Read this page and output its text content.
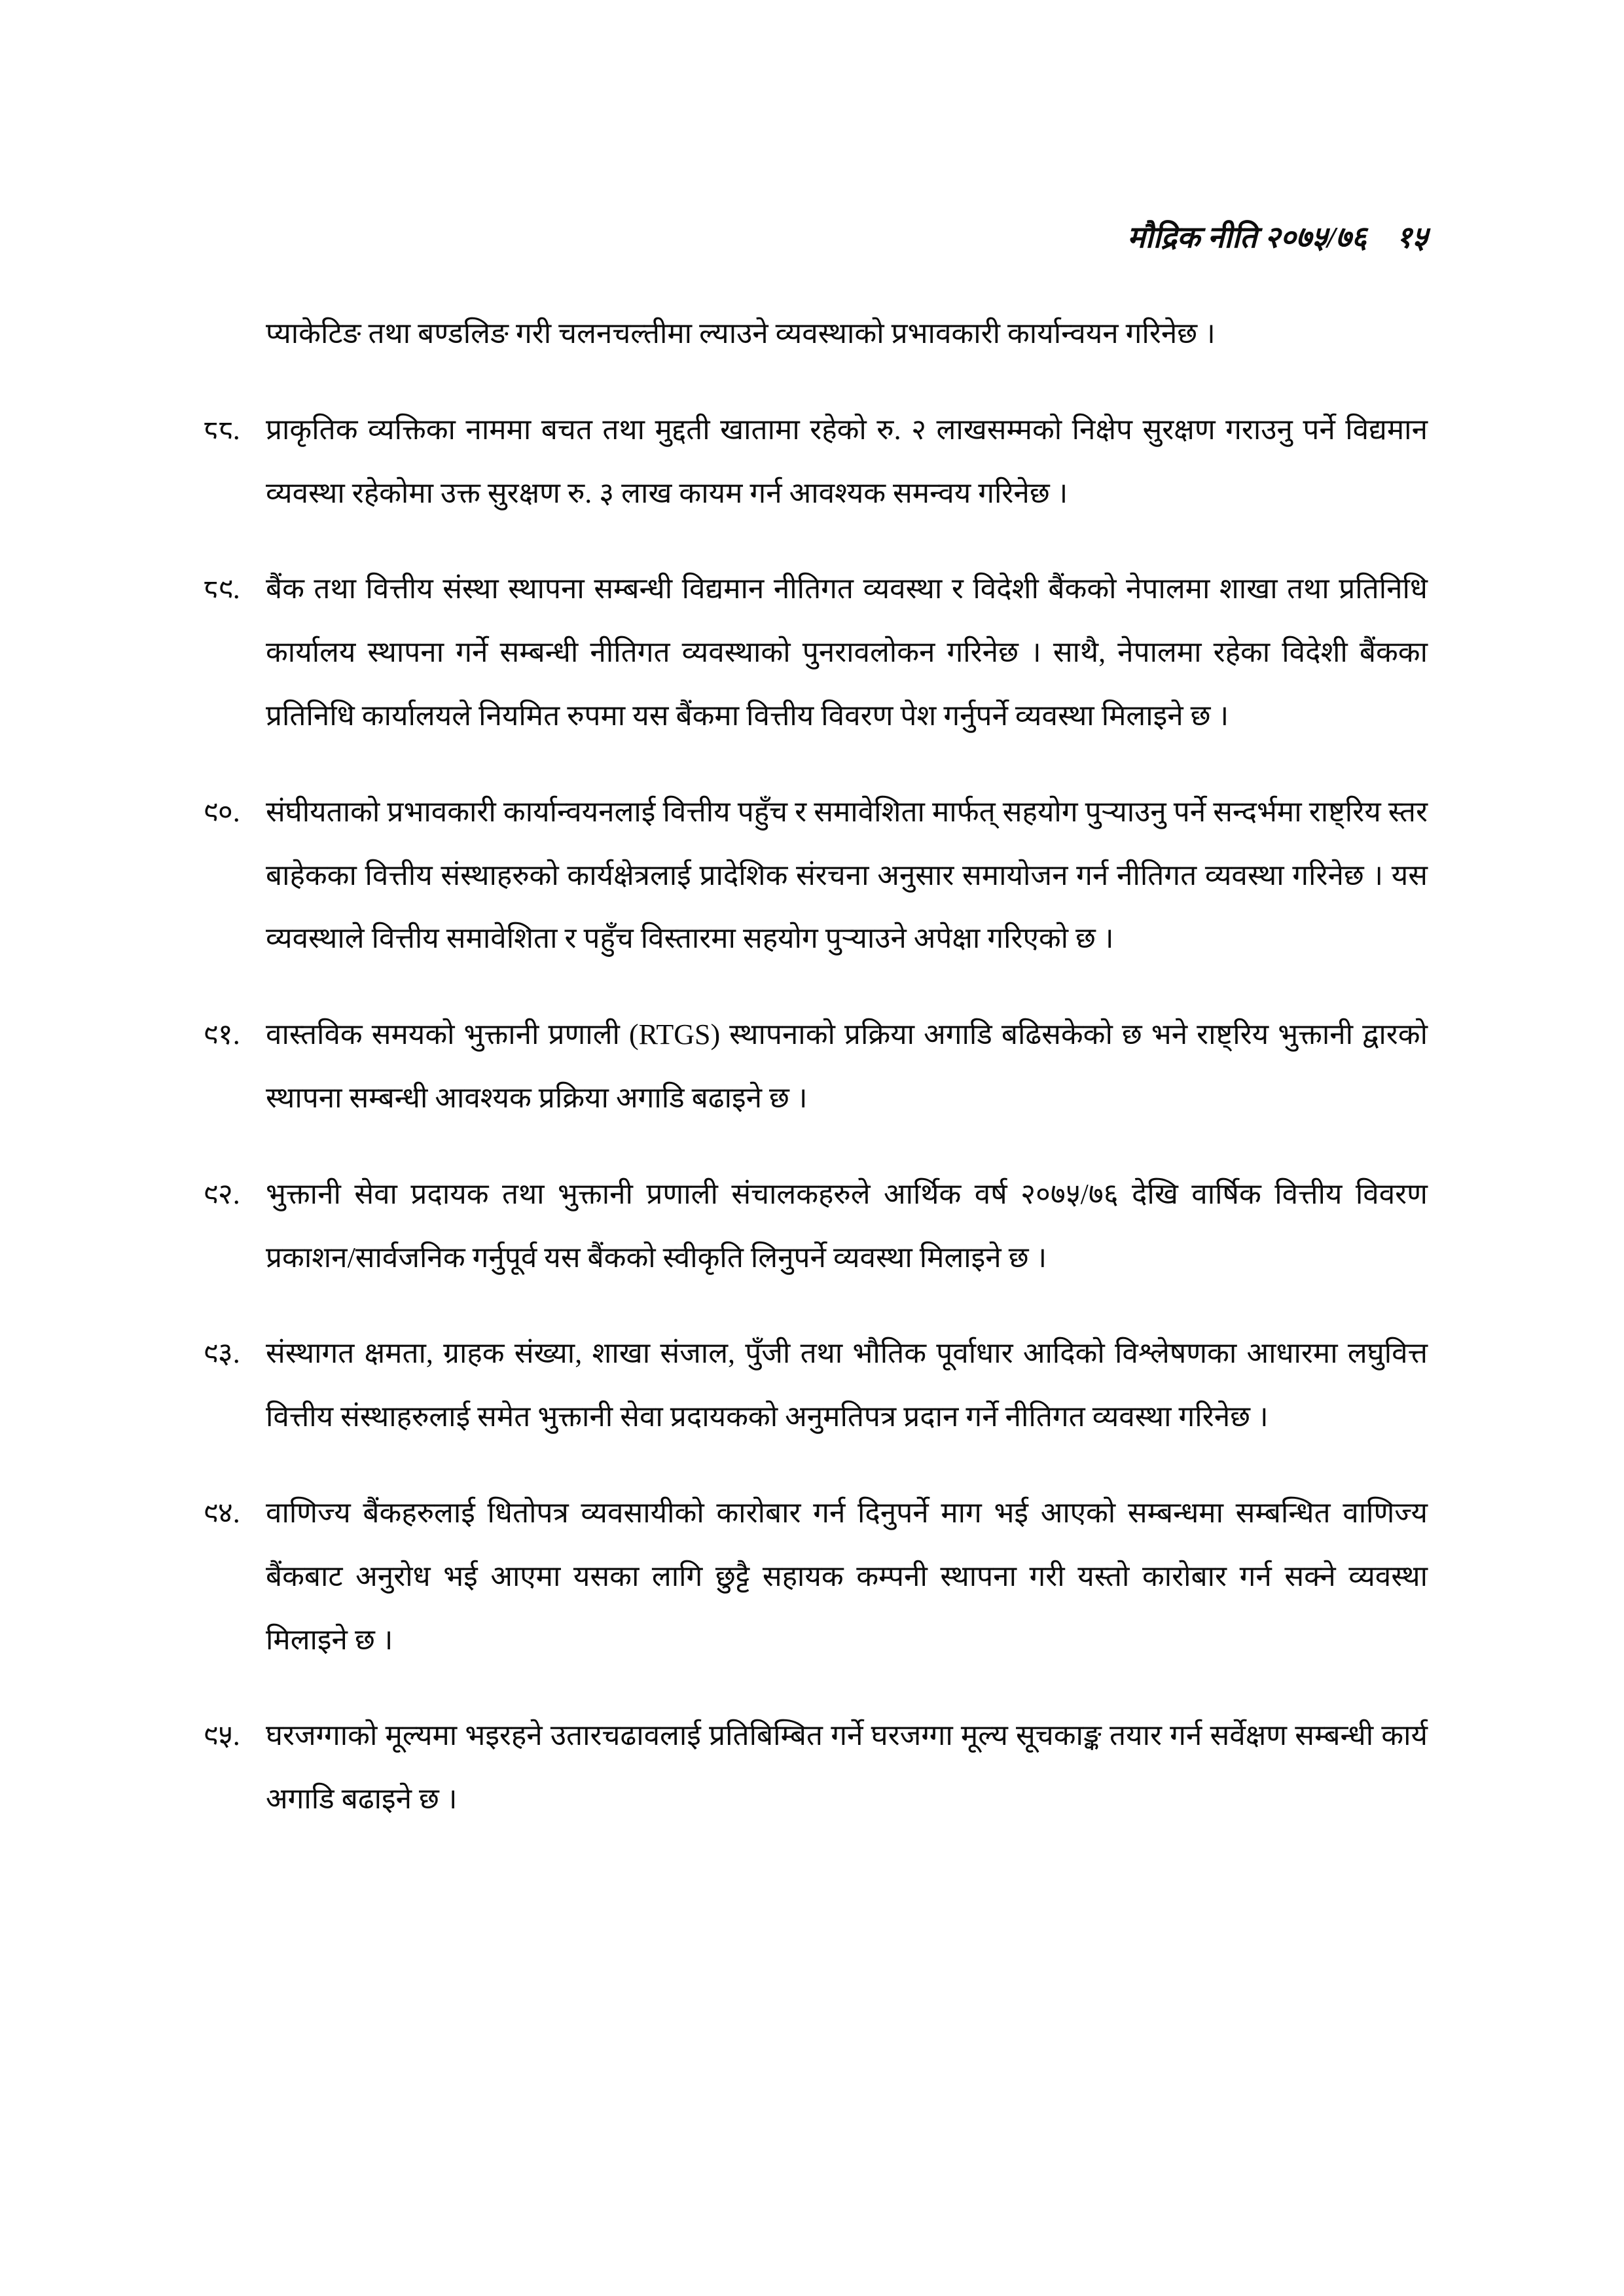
मौद्रिक नीति २०७५/७६ १५
प्याकेटिङ तथा बण्डलिङ गरी चलनचल्तीमा ल्याउने व्यवस्थाको प्रभावकारी कार्यान्वयन गरिनेछ ।
८८. प्राकृतिक व्यक्तिका नाममा बचत तथा मुद्दती खातामा रहेको रु. २ लाखसम्मको निक्षेप सुरक्षण गराउनु पर्ने विद्यमान व्यवस्था रहेकोमा उक्त सुरक्षण रु. ३ लाख कायम गर्न आवश्यक समन्वय गरिनेछ ।
८९. बैंक तथा वित्तीय संस्था स्थापना सम्बन्धी विद्यमान नीतिगत व्यवस्था र विदेशी बैंकको नेपालमा शाखा तथा प्रतिनिधि कार्यालय स्थापना गर्ने सम्बन्धी नीतिगत व्यवस्थाको पुनरावलोकन गरिनेछ । साथै, नेपालमा रहेका विदेशी बैंकका प्रतिनिधि कार्यालयले नियमित रुपमा यस बैंकमा वित्तीय विवरण पेश गर्नुपर्ने व्यवस्था मिलाइने छ ।
९०. संघीयताको प्रभावकारी कार्यान्वयनलाई वित्तीय पहुँच र समावेशिता मार्फत् सहयोग पुर्‍याउनु पर्ने सन्दर्भमा राष्ट्रिय स्तर बाहेकका वित्तीय संस्थाहरुको कार्यक्षेत्रलाई प्रादेशिक संरचना अनुसार समायोजन गर्न नीतिगत व्यवस्था गरिनेछ । यस व्यवस्थाले वित्तीय समावेशिता र पहुँच विस्तारमा सहयोग पुर्‍याउने अपेक्षा गरिएको छ ।
९१. वास्तविक समयको भुक्तानी प्रणाली (RTGS) स्थापनाको प्रक्रिया अगाडि बढिसकेको छ भने राष्ट्रिय भुक्तानी द्वारको स्थापना सम्बन्धी आवश्यक प्रक्रिया अगाडि बढाइने छ ।
९२. भुक्तानी सेवा प्रदायक तथा भुक्तानी प्रणाली संचालकहरुले आर्थिक वर्ष २०७५/७६ देखि वार्षिक वित्तीय विवरण प्रकाशन/सार्वजनिक गर्नुपूर्व यस बैंकको स्वीकृति लिनुपर्ने व्यवस्था मिलाइने छ ।
९३. संस्थागत क्षमता, ग्राहक संख्या, शाखा संजाल, पुँजी तथा भौतिक पूर्वाधार आदिको विश्लेषणका आधारमा लघुवित्त वित्तीय संस्थाहरुलाई समेत भुक्तानी सेवा प्रदायकको अनुमतिपत्र प्रदान गर्ने नीतिगत व्यवस्था गरिनेछ ।
९४. वाणिज्य बैंकहरुलाई धितोपत्र व्यवसायीको कारोबार गर्न दिनुपर्ने माग भई आएको सम्बन्धमा सम्बन्धित वाणिज्य बैंकबाट अनुरोध भई आएमा यसका लागि छुट्टै सहायक कम्पनी स्थापना गरी यस्तो कारोबार गर्न सक्ने व्यवस्था मिलाइने छ ।
९५. घरजग्गाको मूल्यमा भइरहने उतारचढावलाई प्रतिबिम्बित गर्ने घरजग्गा मूल्य सूचकाङ्क तयार गर्न सर्वेक्षण सम्बन्धी कार्य अगाडि बढाइने छ ।
